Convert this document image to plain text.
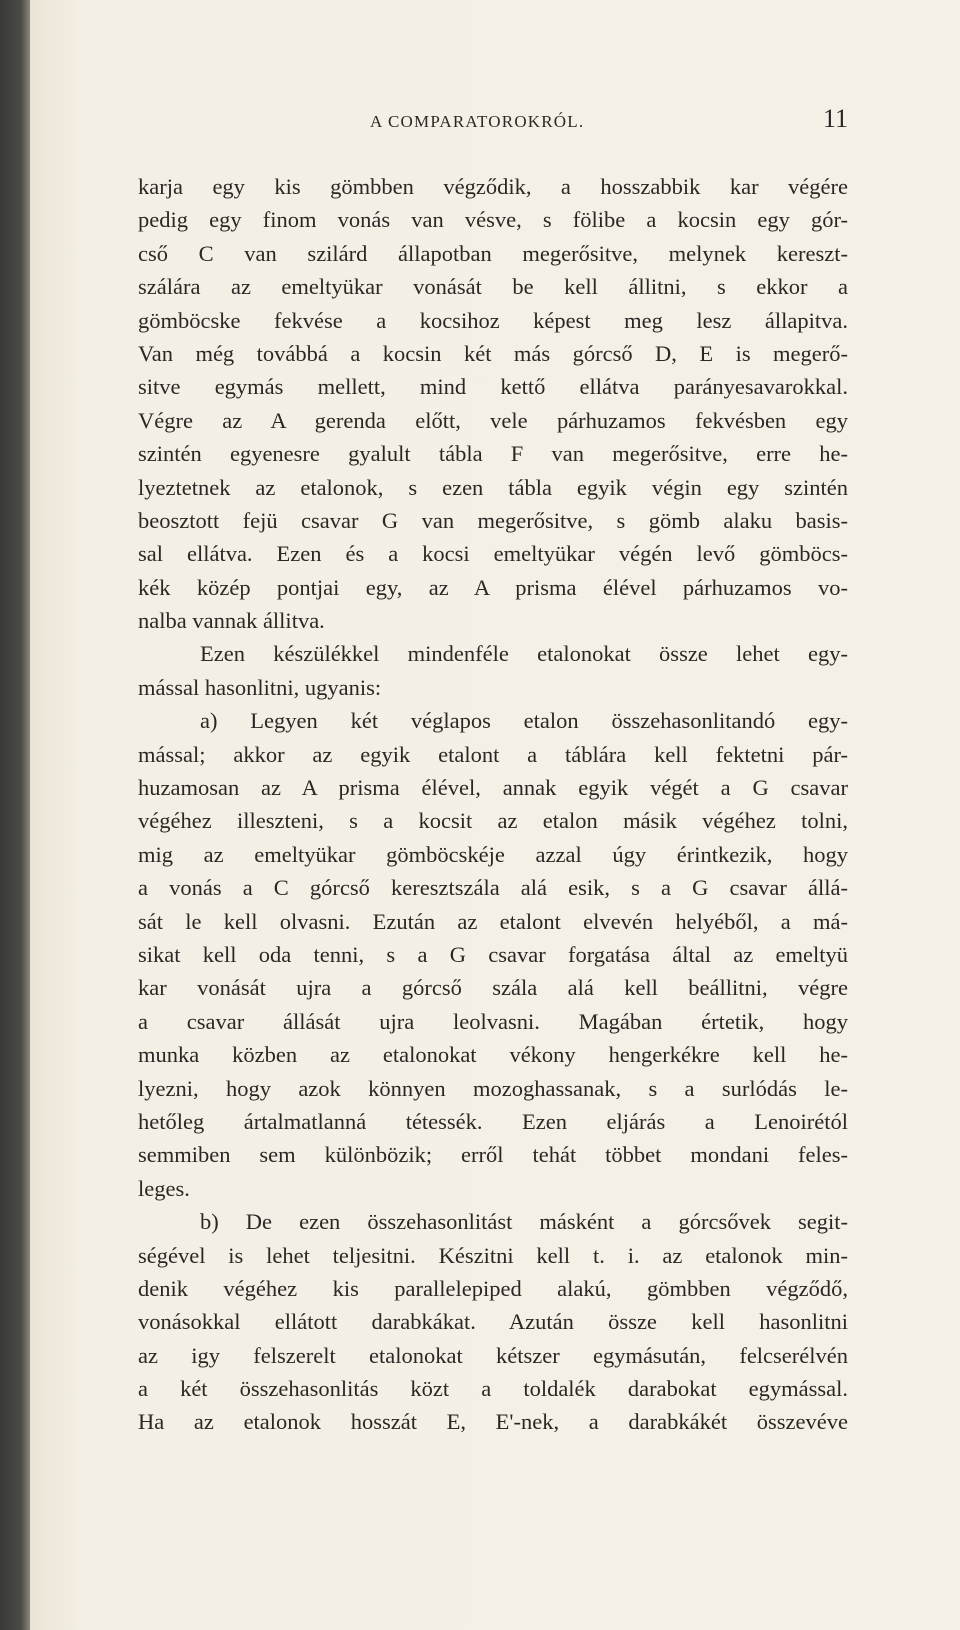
A COMPARATOROKRÓL.	11
karja egy kis gömbben végződik, a hosszabbik kar végére
pedig egy finom vonás van vésve, s fölibe a kocsin egy gór-
cső C van szilárd állapotban megerősitve, melynek kereszt-
szálára az emeltyükar vonását be kell állitni, s ekkor a
gömböcske fekvése a kocsihoz képest meg lesz állapitva.
Van még továbbá a kocsin két más górcső D, E is megerő-
sitve egymás mellett, mind kettő ellátva parányesavarokkal.
Végre az A gerenda előtt, vele párhuzamos fekvésben egy
szintén egyenesre gyalult tábla F van megerősitve, erre he-
lyeztetnek az etalonok, s ezen tábla egyik végin egy szintén
beosztott fejü csavar G van megerősitve, s gömb alaku basis-
sal ellátva. Ezen és a kocsi emeltyükar végén levő gömböcs-
kék közép pontjai egy, az A prisma élével párhuzamos vo-
nalba vannak állitva.
Ezen készülékkel mindenféle etalonokat össze lehet egy-
mással hasonlitni, ugyanis:
a) Legyen két véglapos etalon összehasonlitandó egy-
mással; akkor az egyik etalont a táblára kell fektetni pár-
huzamosan az A prisma élével, annak egyik végét a G csavar
végéhez illeszteni, s a kocsit az etalon másik végéhez tolni,
mig az emeltyükar gömböcskéje azzal úgy érintkezik, hogy
a vonás a C górcső keresztszála alá esik, s a G csavar állá-
sát le kell olvasni. Ezután az etalont elvevén helyéből, a má-
sikat kell oda tenni, s a G csavar forgatása által az emeltyü
kar vonását ujra a górcső szála alá kell beállitni, végre
a csavar állását ujra leolvasni. Magában értetik, hogy
munka közben az etalonokat vékony hengerkékre kell he-
lyezni, hogy azok könnyen mozoghassanak, s a surlódás le-
hetőleg ártalmatlanná tétessék. Ezen eljárás a Lenoirétól
semmiben sem különbözik; erről tehát többet mondani feles-
leges.
b) De ezen összehasonlitást másként a górcsővek segit-
ségével is lehet teljesitni. Készitni kell t. i. az etalonok min-
denik végéhez kis parallelepiped alakú, gömbben végződő,
vonásokkal ellátott darabkákat. Azután össze kell hasonlitni
az igy felszerelt etalonokat kétszer egymásután, felcserélvén
a két összehasonlitás közt a toldalék darabokat egymással.
Ha az etalonok hosszát E, E'-nek, a darabkákét összevéve
